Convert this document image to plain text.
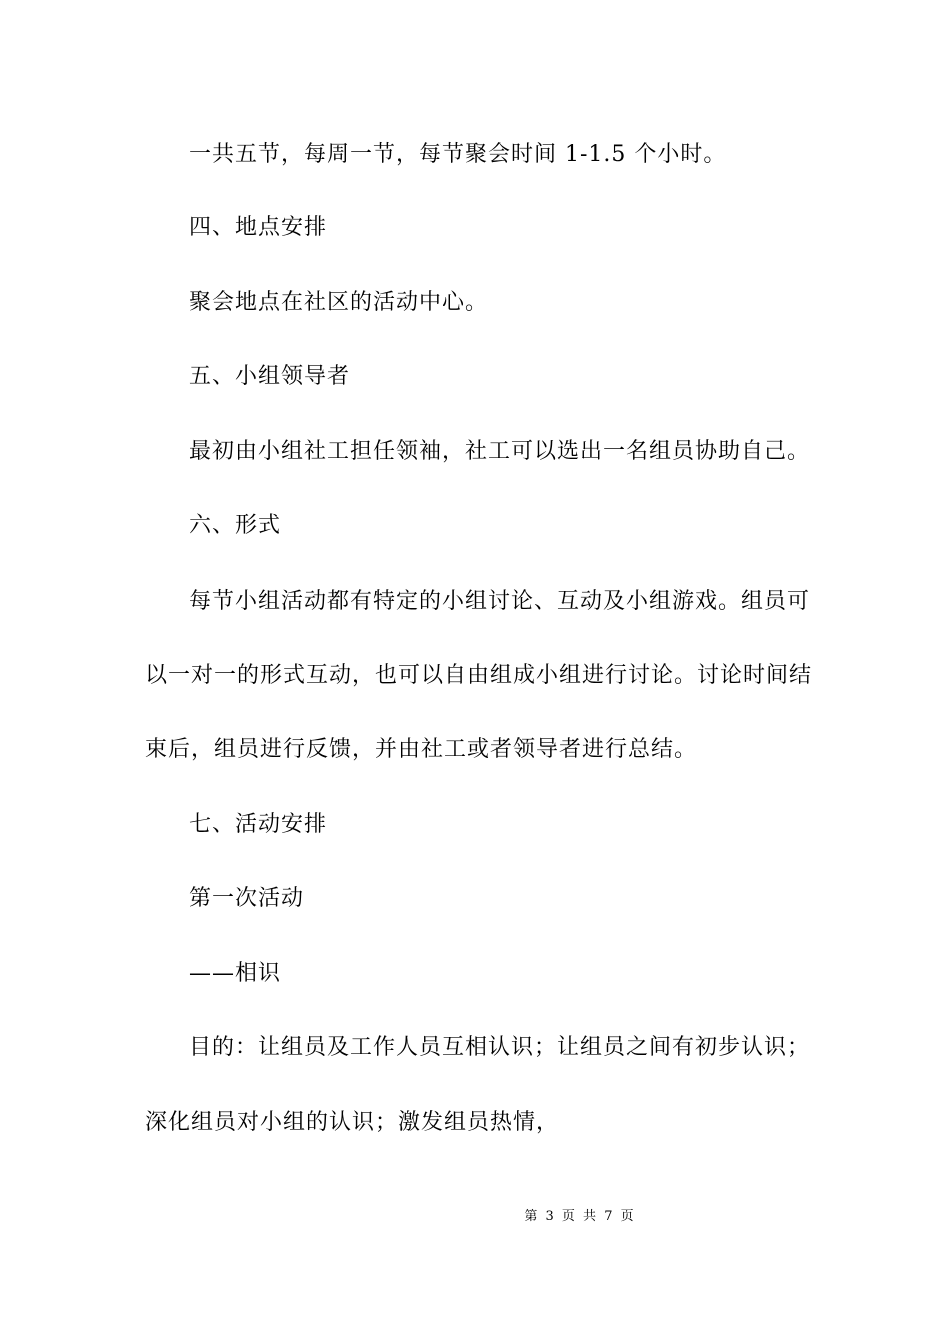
一共五节，每周一节，每节聚会时间 1-1.5 个小时。
四、地点安排
聚会地点在社区的活动中心。
五、小组领导者
最初由小组社工担任领袖，社工可以选出一名组员协助自己。
六、形式
每节小组活动都有特定的小组讨论、互动及小组游戏。组员可
以一对一的形式互动，也可以自由组成小组进行讨论。讨论时间结
束后，组员进行反馈，并由社工或者领导者进行总结。
七、活动安排
第一次活动
——相识
目的：让组员及工作人员互相认识；让组员之间有初步认识；
深化组员对小组的认识；激发组员热情，
第 3 页 共 7 页
